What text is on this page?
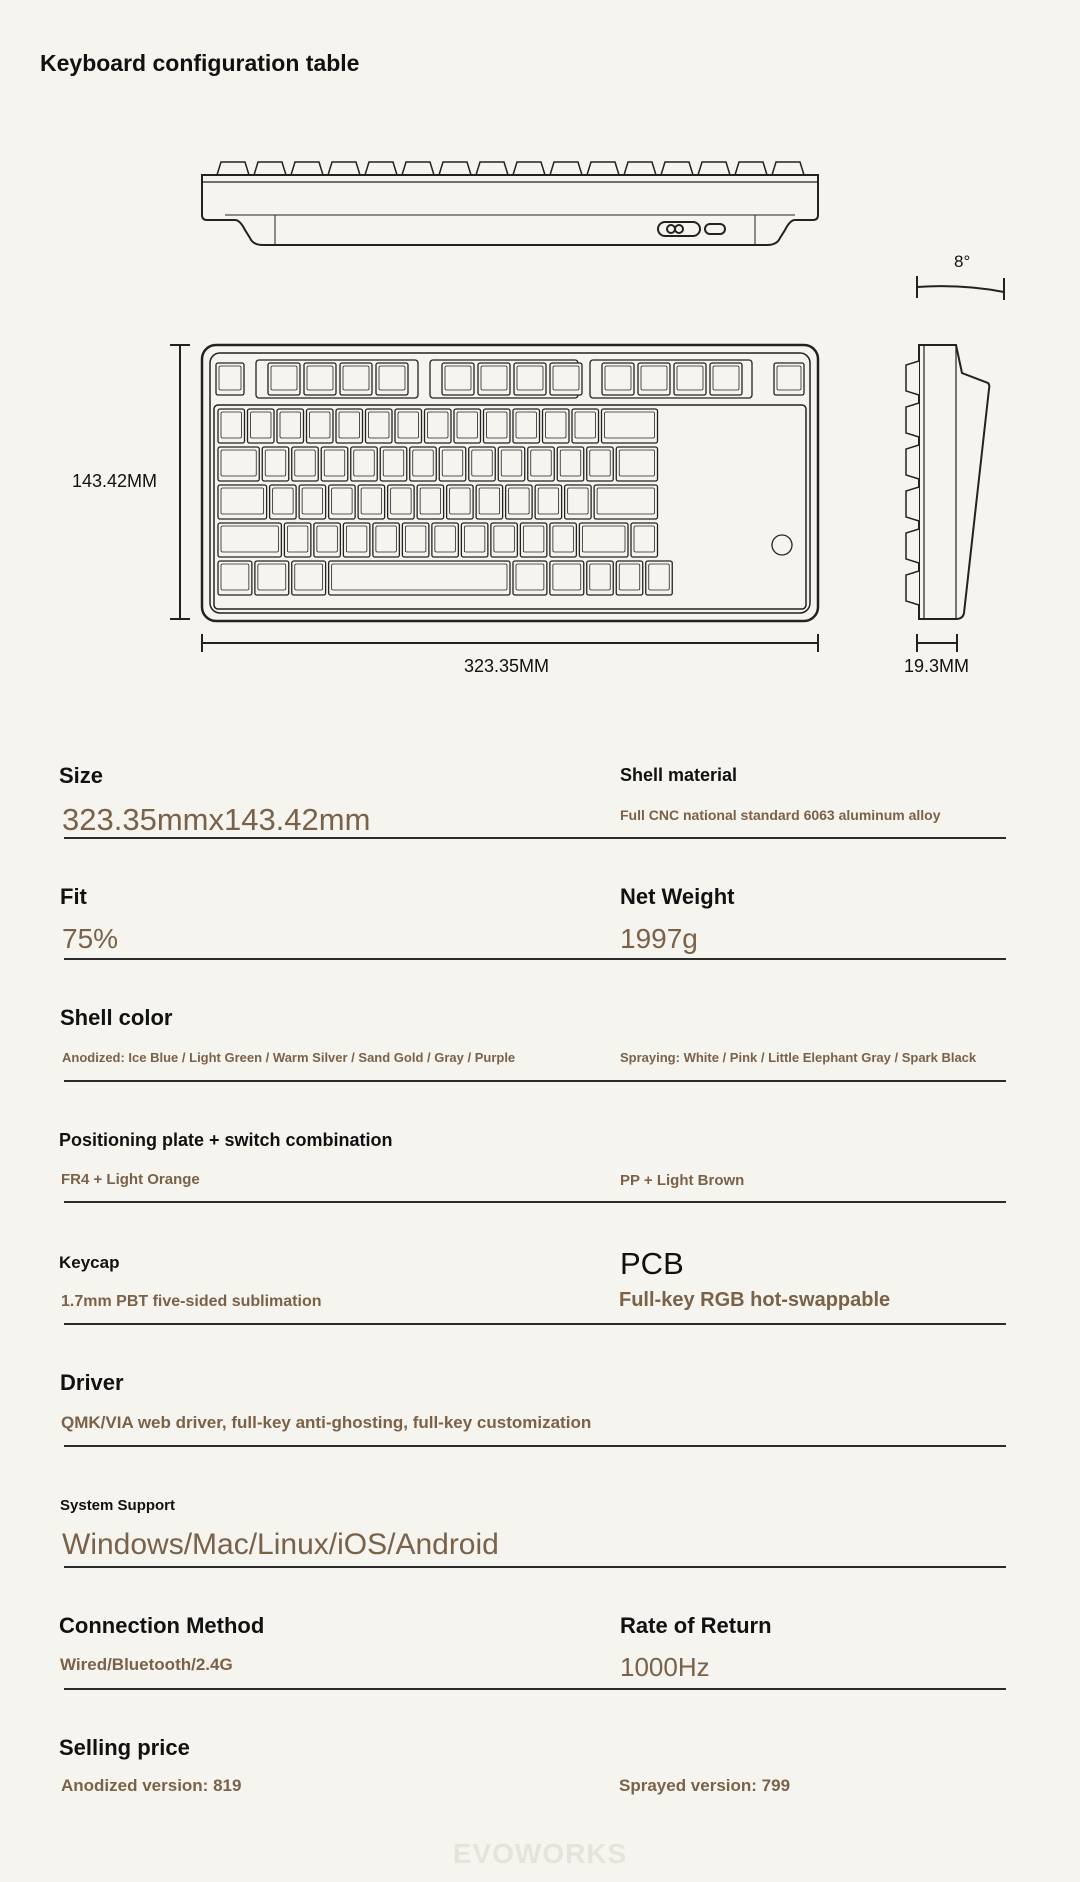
Keyboard configuration table
8°
143.42MM
323.35MM	19.3MM
Size
323.35mmx143.42mm
Shell material
Full CNC national standard 6063 aluminum alloy
Fit
75%
Net Weight
1997g
Shell color
Anodized: Ice Blue / Light Green / Warm Silver / Sand Gold / Gray / Purple	Spraying: White / Pink / Little Elephant Gray / Spark Black
Positioning plate + switch combination
FR4 + Light Orange	PP + Light Brown
Keycap
1.7mm PBT five-sided sublimation
PCB
Full-key RGB hot-swappable
Driver
QMK/VIA web driver, full-key anti-ghosting, full-key customization
System Support
Windows/Mac/Linux/iOS/Android
Connection Method
Wired/Bluetooth/2.4G
Rate of Return
1000Hz
Selling price
Anodized version: 819	Sprayed version: 799
EVOWORKS
